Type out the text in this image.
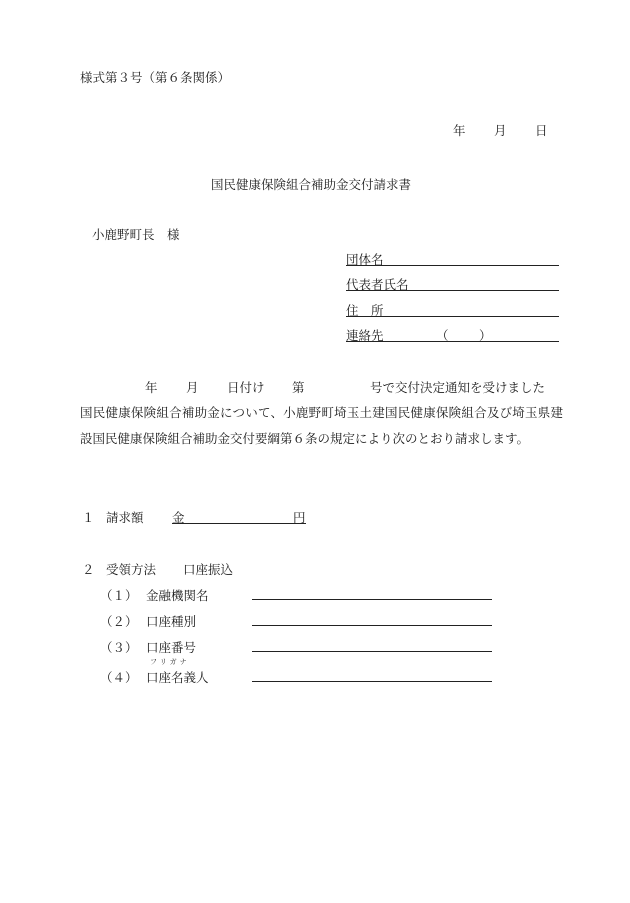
様式第３号（第６条関係）
年 月 日
国民健康保険組合補助金交付請求書
小鹿野町長　様
団体名
代表者氏名
住　所
連絡先	（ ）
年 月 日付け 第	号で交付決定通知を受けました
国民健康保険組合補助金について、小鹿野町埼玉土建国民健康保険組合及び埼玉県建設国民健康保険組合補助金交付要綱第６条の規定により次のとおり請求します。
１ 請求額 金	円
２ 受領方法 口座振込
（１） 金融機関名
（２） 口座種別
（３） 口座番号
フリガナ
（４） 口座名義人
